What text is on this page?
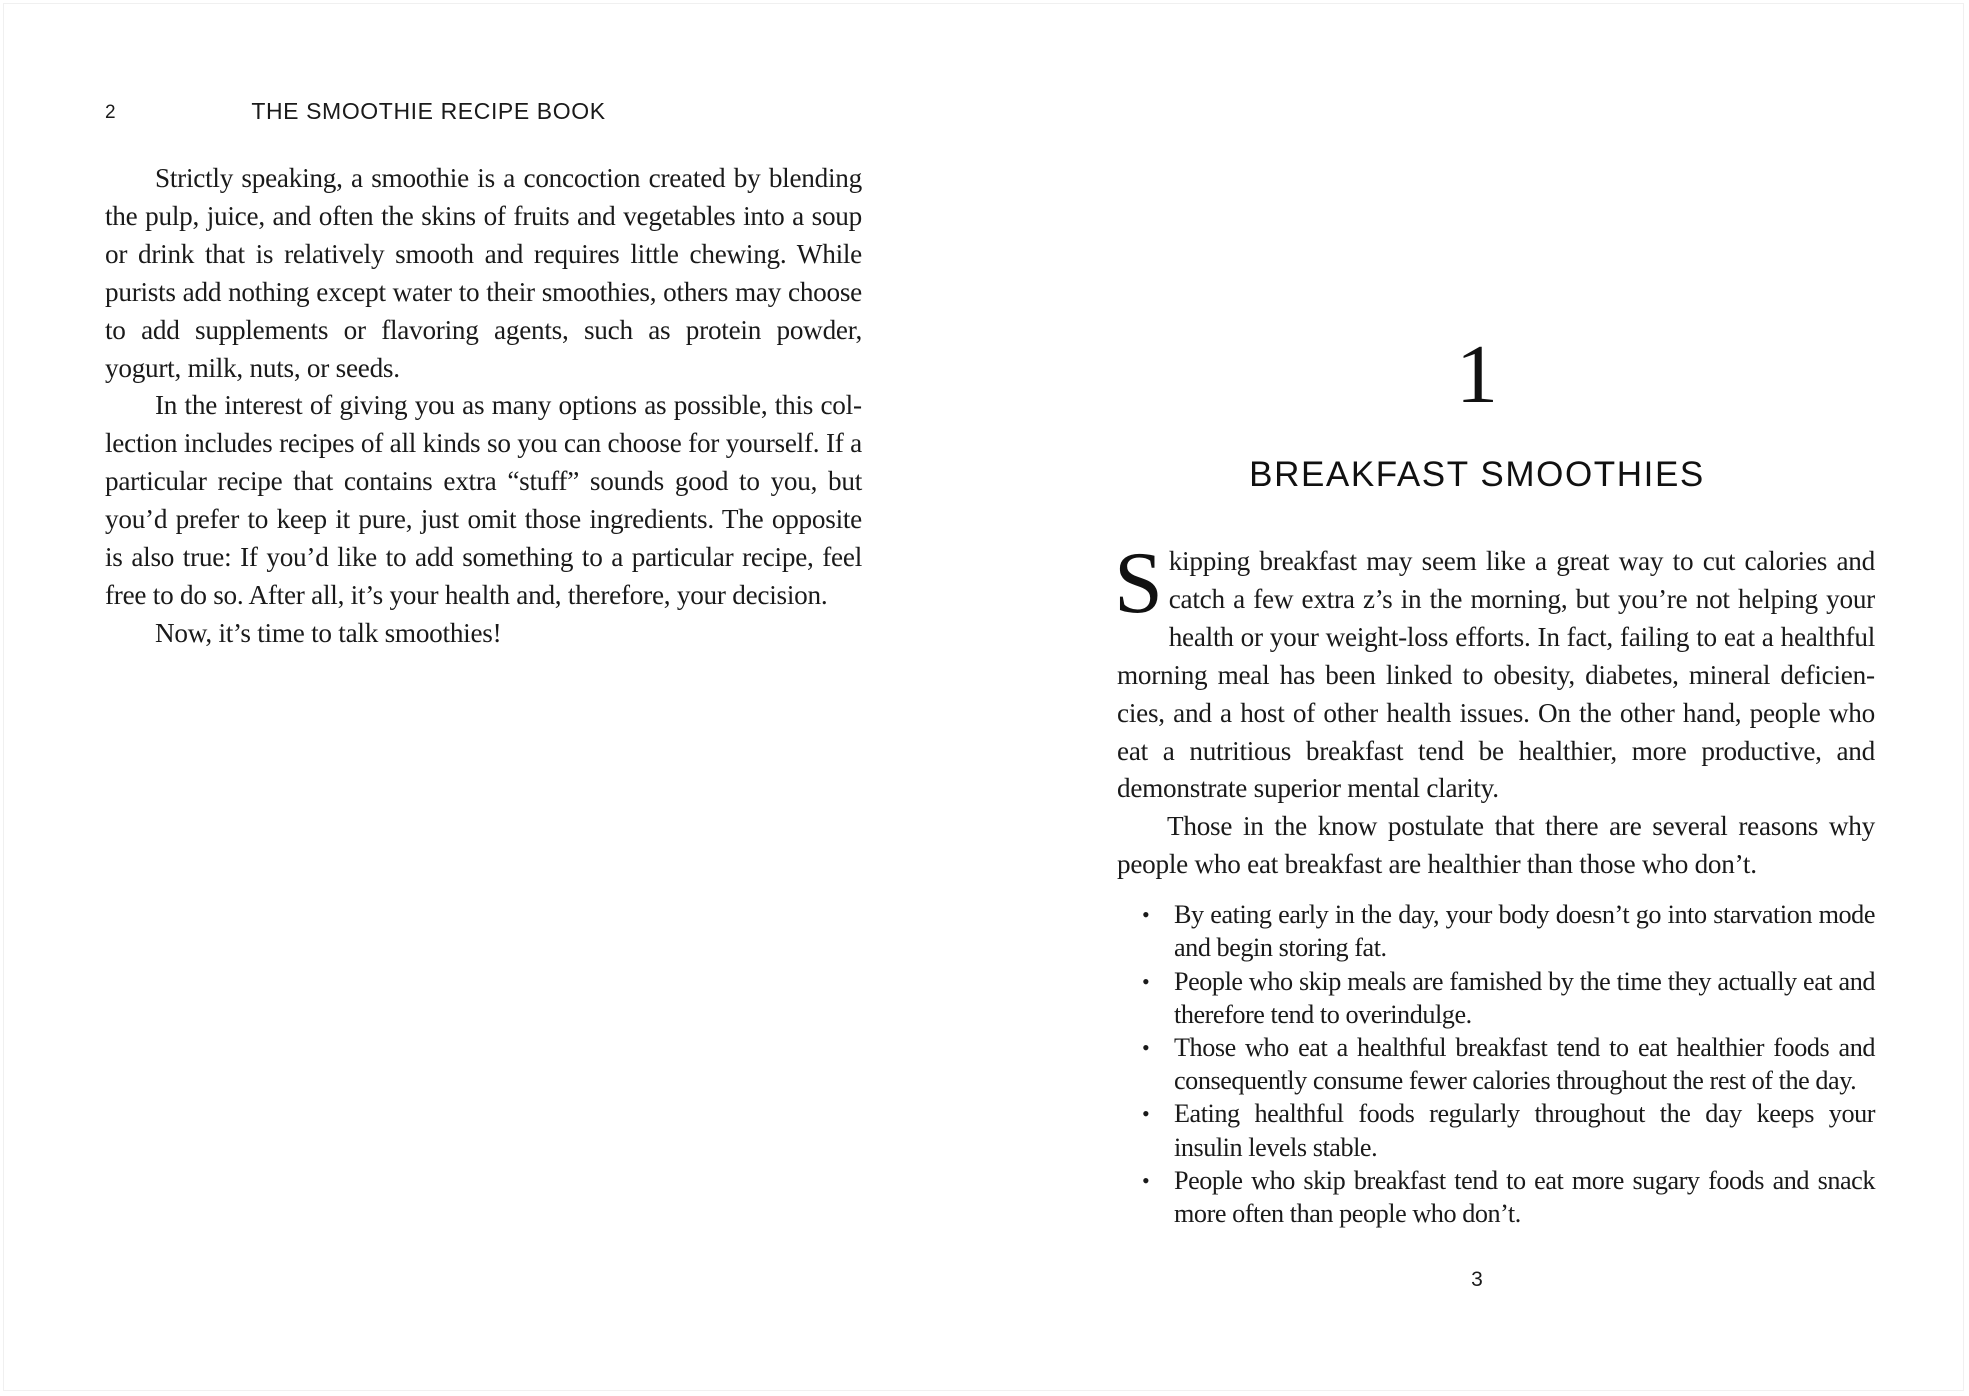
2	THE SMOOTHIE RECIPE BOOK

Strictly speaking, a smoothie is a concoction created by blending the pulp, juice, and often the skins of fruits and vegetables into a soup or drink that is relatively smooth and requires little chewing. While purists add nothing except water to their smoothies, others may choose to add supplements or flavoring agents, such as protein powder, yogurt, milk, nuts, or seeds.

In the interest of giving you as many options as possible, this collection includes recipes of all kinds so you can choose for yourself. If a particular recipe that contains extra “stuff” sounds good to you, but you’d prefer to keep it pure, just omit those ingredients. The opposite is also true: If you’d like to add something to a particular recipe, feel free to do so. After all, it’s your health and, therefore, your decision.

Now, it’s time to talk smoothies!

1
BREAKFAST SMOOTHIES

Skipping breakfast may seem like a great way to cut calories and catch a few extra z’s in the morning, but you’re not helping your health or your weight-loss efforts. In fact, failing to eat a healthful morning meal has been linked to obesity, diabetes, mineral deficiencies, and a host of other health issues. On the other hand, people who eat a nutritious breakfast tend be healthier, more productive, and demonstrate superior mental clarity.

Those in the know postulate that there are several reasons why people who eat breakfast are healthier than those who don’t.

• By eating early in the day, your body doesn’t go into starvation mode and begin storing fat.
• People who skip meals are famished by the time they actually eat and therefore tend to overindulge.
• Those who eat a healthful breakfast tend to eat healthier foods and consequently consume fewer calories throughout the rest of the day.
• Eating healthful foods regularly throughout the day keeps your insulin levels stable.
• People who skip breakfast tend to eat more sugary foods and snack more often than people who don’t.
3
